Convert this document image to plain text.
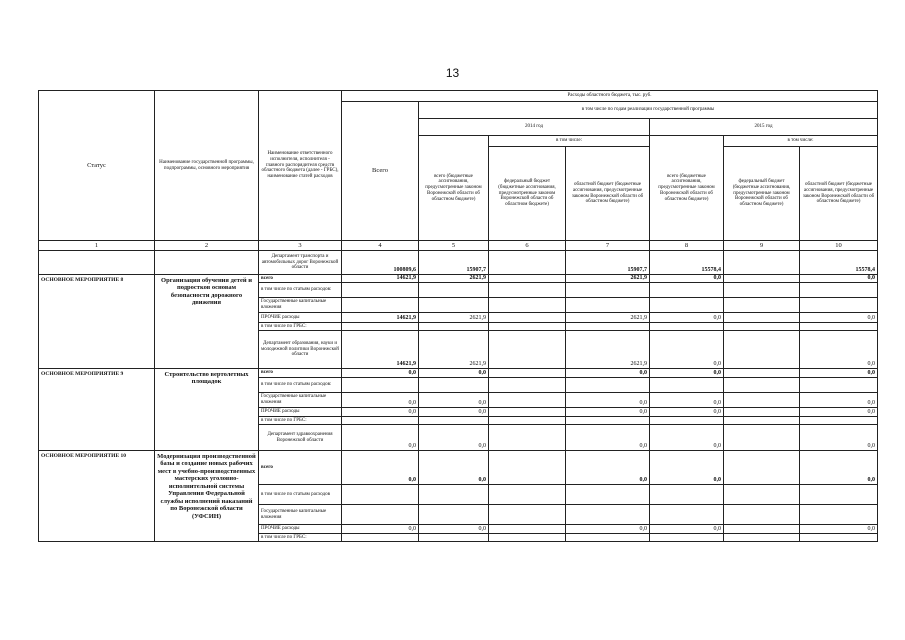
13
Статус	Наименование государственной программы, подпрограммы, основного мероприятия	Наименование ответственного исполнителя, исполнителя - главного распорядителя средств областного бюджета (далее - ГРБС), наименование статей расходов	Расходы областного бюджета, тыс. руб.						
			Всего	в том числе по годам реализации государственной программы					
				2014 год			2015 год		
				всего (бюджетные ассигнования, предусмотренные законом Воронежской области об областном бюджете)	в том числе:		всего (бюджетные ассигнования, предусмотренные законом Воронежской области об областном бюджете)	в том числе:	
					федеральный бюджет (бюджетные ассигнования, предусмотренные законом Воронежской области об областном бюджете)	областной бюджет (бюджетные ассигнования, предусмотренные законом Воронежской области об областном бюджете)		федеральный бюджет (бюджетные ассигнования, предусмотренные законом Воронежской области об областном бюджете)	областной бюджет (бюджетные ассигнования, предусмотренные законом Воронежской области об областном бюджете)
1	2	3	4	5	6	7	8	9	10
		Департамент транспорта и автомобильных дорог Воронежской области	100809,6	15907,7		15907,7	15578,4		15578,4
ОСНОВНОЕ МЕРОПРИЯТИЕ 8	Организация обучения детей и подростков основам безопасности дорожного движения	всего	14621,9	2621,9		2621,9	0,0		0,0
		в том числе по статьям расходов:							
		Государственные капитальные вложения							
		ПРОЧИЕ расходы	14621,9	2621,9		2621,9	0,0		0,0
		в том числе по ГРБС:							
		Департамент образования, науки и молодежной политики Воронежской области	14621,9	2621,9		2621,9	0,0		0,0
ОСНОВНОЕ МЕРОПРИЯТИЕ 9	Строительство вертолетных площадок	всего	0,0	0,0		0,0	0,0		0,0
		в том числе по статьям расходов:							
		Государственные капитальные вложения	0,0	0,0		0,0	0,0		0,0
		ПРОЧИЕ расходы	0,0	0,0		0,0	0,0		0,0
		в том числе по ГРБС:							
		Департамент здравоохранения Воронежской области	0,0	0,0		0,0	0,0		0,0
ОСНОВНОЕ МЕРОПРИЯТИЕ 10	Модернизация производственной базы и создание новых рабочих мест в учебно-производственных мастерских уголовно-исполнительной системы Управления Федеральной службы исполнений наказаний по Воронежской области (УФСИН)	всего	0,0	0,0		0,0	0,0		0,0
		в том числе по статьям расходов							
		Государственные капитальные вложения							
		ПРОЧИЕ расходы	0,0	0,0		0,0	0,0		0,0
		в том числе по ГРБС:							
